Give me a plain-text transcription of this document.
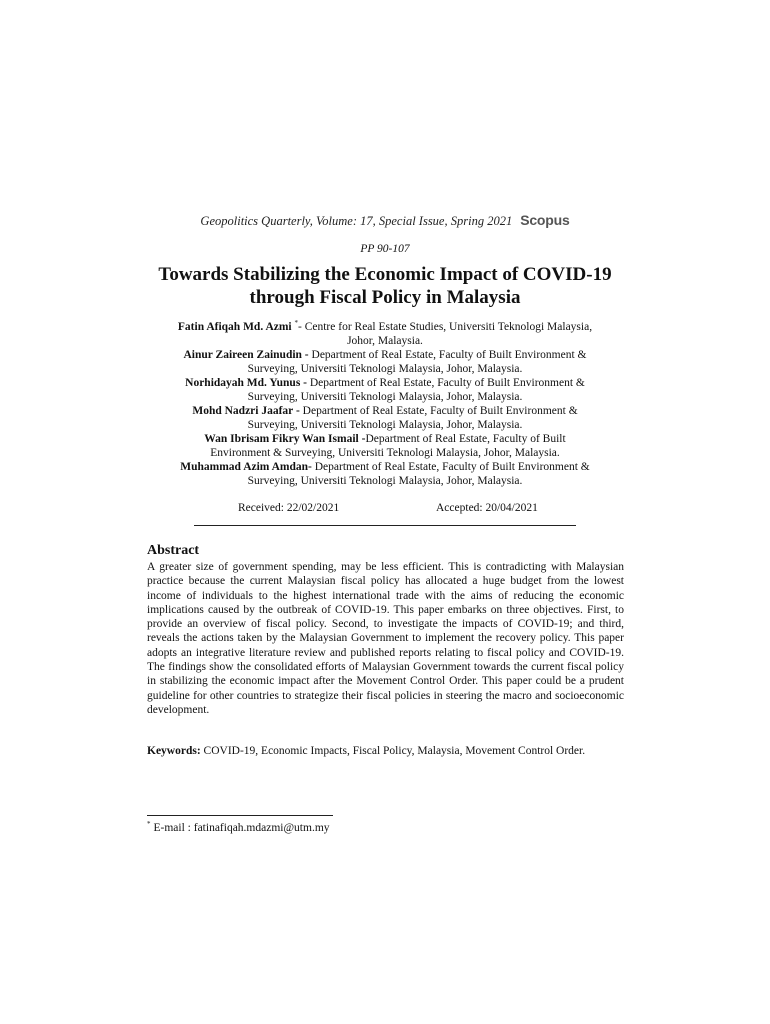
Geopolitics Quarterly, Volume: 17, Special Issue, Spring 2021 Scopus
PP 90-107
Towards Stabilizing the Economic Impact of COVID-19
through Fiscal Policy in Malaysia
Fatin Afiqah Md. Azmi *- Centre for Real Estate Studies, Universiti Teknologi Malaysia,
Johor, Malaysia.
Ainur Zaireen Zainudin - Department of Real Estate, Faculty of Built Environment &
Surveying, Universiti Teknologi Malaysia, Johor, Malaysia.
Norhidayah Md. Yunus - Department of Real Estate, Faculty of Built Environment &
Surveying, Universiti Teknologi Malaysia, Johor, Malaysia.
Mohd Nadzri Jaafar - Department of Real Estate, Faculty of Built Environment &
Surveying, Universiti Teknologi Malaysia, Johor, Malaysia.
Wan Ibrisam Fikry Wan Ismail -Department of Real Estate, Faculty of Built
Environment & Surveying, Universiti Teknologi Malaysia, Johor, Malaysia.
Muhammad Azim Amdan- Department of Real Estate, Faculty of Built Environment &
Surveying, Universiti Teknologi Malaysia, Johor, Malaysia.
Received: 22/02/2021	Accepted: 20/04/2021
Abstract
A greater size of government spending, may be less efficient. This is contradicting with Malaysian practice because the current Malaysian fiscal policy has allocated a huge budget from the lowest income of individuals to the highest international trade with the aims of reducing the economic implications caused by the outbreak of COVID-19. This paper embarks on three objectives. First, to provide an overview of fiscal policy. Second, to investigate the impacts of COVID-19; and third, reveals the actions taken by the Malaysian Government to implement the recovery policy. This paper adopts an integrative literature review and published reports relating to fiscal policy and COVID-19. The findings show the consolidated efforts of Malaysian Government towards the current fiscal policy in stabilizing the economic impact after the Movement Control Order. This paper could be a prudent guideline for other countries to strategize their fiscal policies in steering the macro and socioeconomic development.
Keywords: COVID-19, Economic Impacts, Fiscal Policy, Malaysia, Movement Control Order.
* E-mail : fatinafiqah.mdazmi@utm.my
